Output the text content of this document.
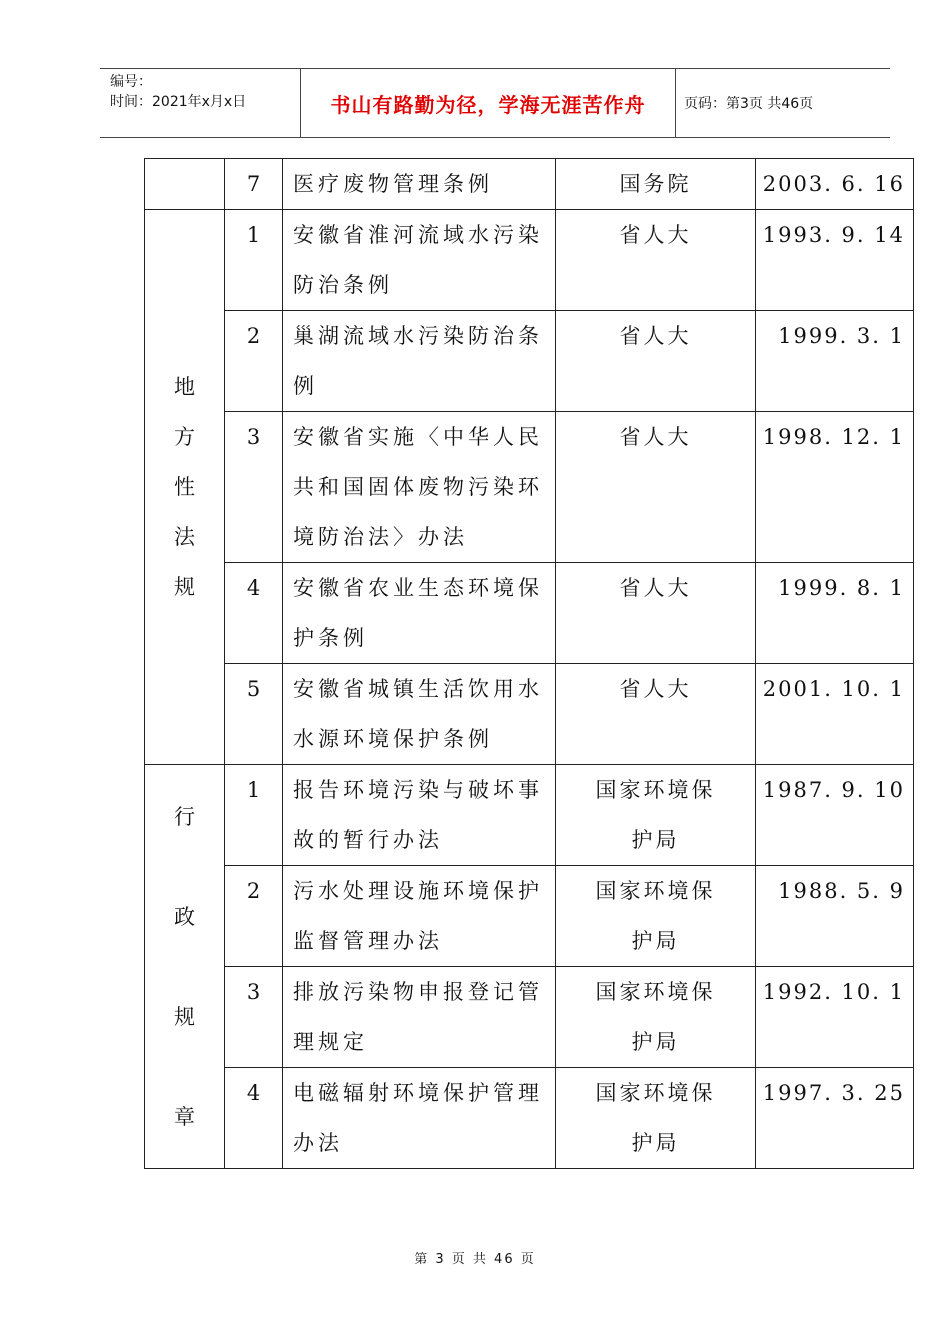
编号：
时间：2021年x月x日	书山有路勤为径，学海无涯苦作舟	页码：第3页 共46页
	7	医疗废物管理条例	国务院	2003. 6. 16

地方性法规	1	安徽省淮河流域水污染防治条例	省人大	1993. 9. 14
	2	巢湖流域水污染防治条例	省人大	1999. 3. 1
	3	安徽省实施〈中华人民共和国固体废物污染环境防治法〉办法	省人大	1998. 12. 1
	4	安徽省农业生态环境保护条例	省人大	1999. 8. 1
	5	安徽省城镇生活饮用水水源环境保护条例	省人大	2001. 10. 1

行政规章	1	报告环境污染与破坏事故的暂行办法	国家环境保护局	1987. 9. 10
	2	污水处理设施环境保护监督管理办法	国家环境保护局	1988. 5. 9
	3	排放污染物申报登记管理规定	国家环境保护局	1992. 10. 1
	4	电磁辐射环境保护管理办法	国家环境保护局	1997. 3. 25
第 3 页 共 46 页
